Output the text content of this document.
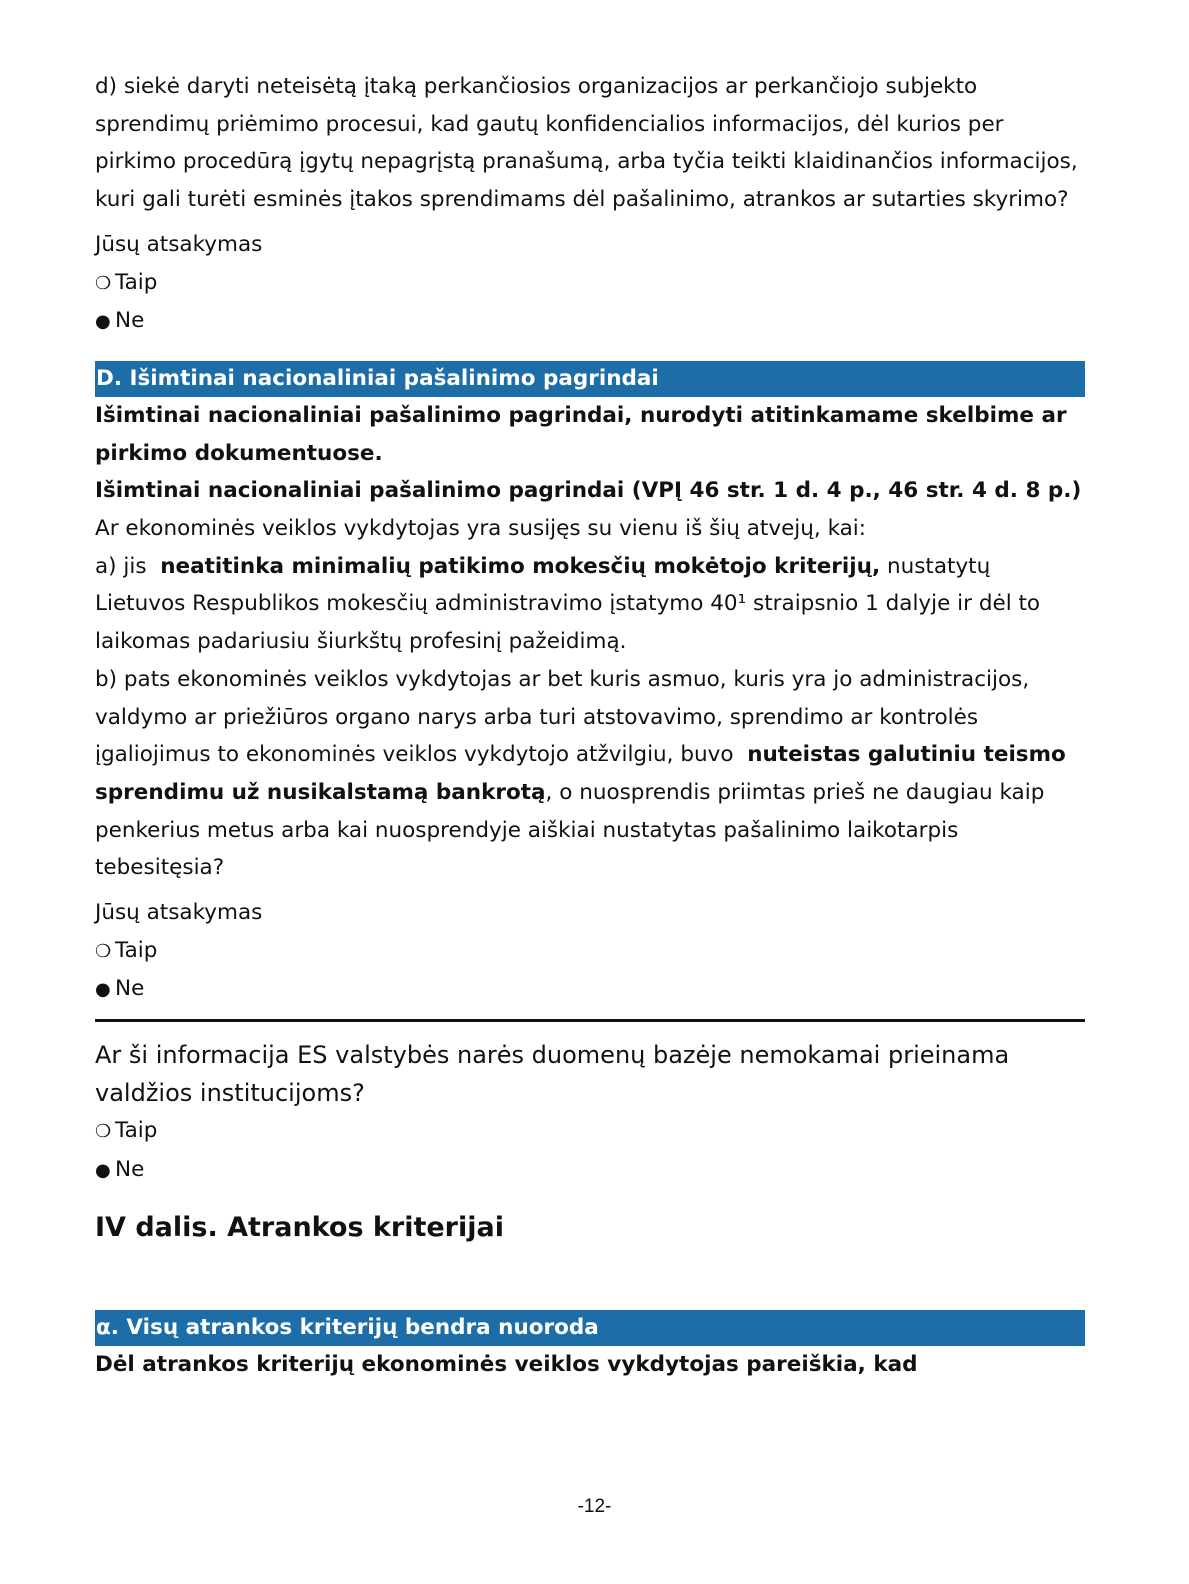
d) siekė daryti neteisėtą įtaką perkančiosios organizacijos ar perkančiojo subjekto sprendimų priėmimo procesui, kad gautų konfidencialios informacijos, dėl kurios per pirkimo procedūrą įgytų nepagrįstą pranašumą, arba tyčia teikti klaidinančios informacijos, kuri gali turėti esminės įtakos sprendimams dėl pašalinimo, atrankos ar sutarties skyrimo?

Jūsų atsakymas

❍ Taip
● Ne
D. Išimtinai nacionaliniai pašalinimo pagrindai

Išimtinai nacionaliniai pašalinimo pagrindai, nurodyti atitinkamame skelbime ar pirkimo dokumentuose.

Išimtinai nacionaliniai pašalinimo pagrindai (VPĮ 46 str. 1 d. 4 p., 46 str. 4 d. 8 p.)

Ar ekonominės veiklos vykdytojas yra susijęs su vienu iš šių atvejų, kai:

a) jis neatitinka minimalių patikimo mokesčių mokėtojo kriterijų, nustatytų Lietuvos Respublikos mokesčių administravimo įstatymo 40¹ straipsnio 1 dalyje ir dėl to laikomas padariusiu šiurkštų profesinį pažeidimą.

b) pats ekonominės veiklos vykdytojas ar bet kuris asmuo, kuris yra jo administracijos, valdymo ar priežiūros organo narys arba turi atstovavimo, sprendimo ar kontrolės įgaliojimus to ekonominės veiklos vykdytojo atžvilgiu, buvo nuteistas galutiniu teismo sprendimu už nusikalstamą bankrotą, o nuosprendis priimtas prieš ne daugiau kaip penkerius metus arba kai nuosprendyje aiškiai nustatytas pašalinimo laikotarpis tebesitęsia?

Jūsų atsakymas

❍ Taip
● Ne

Ar ši informacija ES valstybės narės duomenų bazėje nemokamai prieinama valdžios institucijoms?

❍ Taip
● Ne
IV dalis. Atrankos kriterijai
α. Visų atrankos kriterijų bendra nuoroda

Dėl atrankos kriterijų ekonominės veiklos vykdytojas pareiškia, kad

-12-
